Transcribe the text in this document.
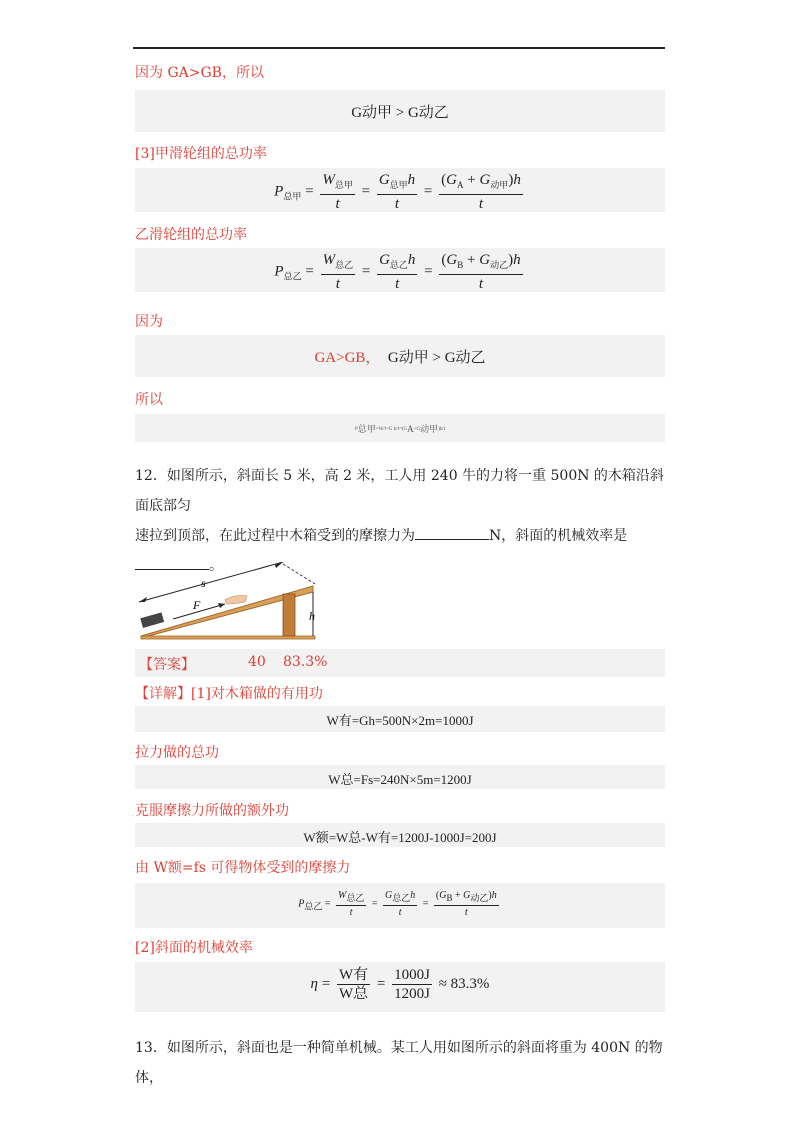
因为 GA>GB，所以
G动甲 > G动乙
[3]甲滑轮组的总功率
$P_{总甲} = \frac{W_{总甲}}{t} = \frac{G_{总甲}h}{t} = \frac{(G_A + G_{动甲})h}{t}$
乙滑轮组的总功率
$P_{总乙} = \frac{W_{总乙}}{t} = \frac{G_{总乙}h}{t} = \frac{(G_B + G_{动乙})h}{t}$
因为
GA>GB， G动甲 > G动乙
所以
$P_{总甲}=W/t=G$ $h/t=(G_A+G_{动甲})h/t$
12．如图所示，斜面长 5 米，高 2 米，工人用 240 牛的力将一重 500N 的木箱沿斜面底部匀
速拉到顶部，在此过程中木箱受到的摩擦力为	N，斜面的机械效率是
。
s
F
h
【答案】	40 83.3%
【详解】[1]对木箱做的有用功
W有=Gh=500N×2m=1000J
拉力做的总功
W总=Fs=240N×5m=1200J
克服摩擦力所做的额外功
W额=W总-W有=1200J-1000J=200J
由 W额=fs 可得物体受到的摩擦力
$P_{总乙} = \frac{W_{总乙}}{t} = \frac{G_{总乙}h}{t} = \frac{(G_B + G_{动乙})h}{t}$
[2]斜面的机械效率
$\eta = \frac{\text{W有}}{\text{W总}} = \frac{1000J}{1200J} \approx 83.3\%$
13．如图所示，斜面也是一种简单机械。某工人用如图所示的斜面将重为 400N 的物体，
